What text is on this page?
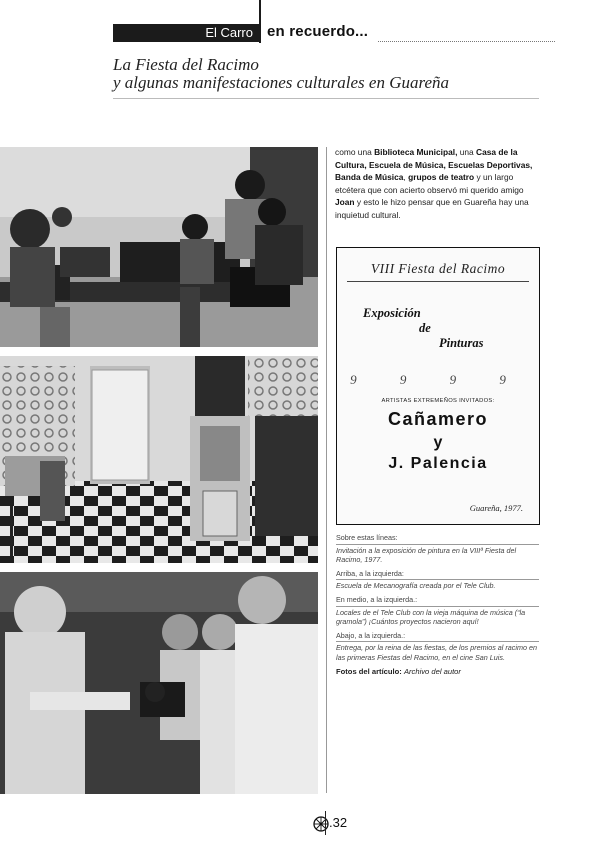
El Carro en recuerdo...
La Fiesta del Racimo
y algunas manifestaciones culturales en Guareña
como una Biblioteca Municipal, una Casa de la Cultura, Escuela de Música, Escuelas Deportivas, Banda de Música, grupos de teatro y un largo etcétera que con acierto observó mi querido amigo Joan y esto le hizo pensar que en Guareña hay una inquietud cultural.
VIII Fiesta del Racimo
Exposición
de
Pinturas
9 9 9 9
ARTISTAS EXTREMEÑOS INVITADOS:
Cañamero
y
J. Palencia
Guareña, 1977.
Sobre estas líneas:
Invitación a la exposición de pintura en la VIIIª Fiesta del Racimo, 1977.
Arriba, a la izquierda:
Escuela de Mecanografía creada por el Tele Club.
En medio, a la izquierda.:
Locales de el Tele Club con la vieja máquina de música (“la gramola”) ¡Cuántos proyectos nacieron aquí!
Abajo, a la izquierda.:
Entrega, por la reina de las fiestas, de los premios al racimo en las primeras Fiestas del Racimo, en el cine San Luis.
Fotos del artículo: Archivo del autor
.32
